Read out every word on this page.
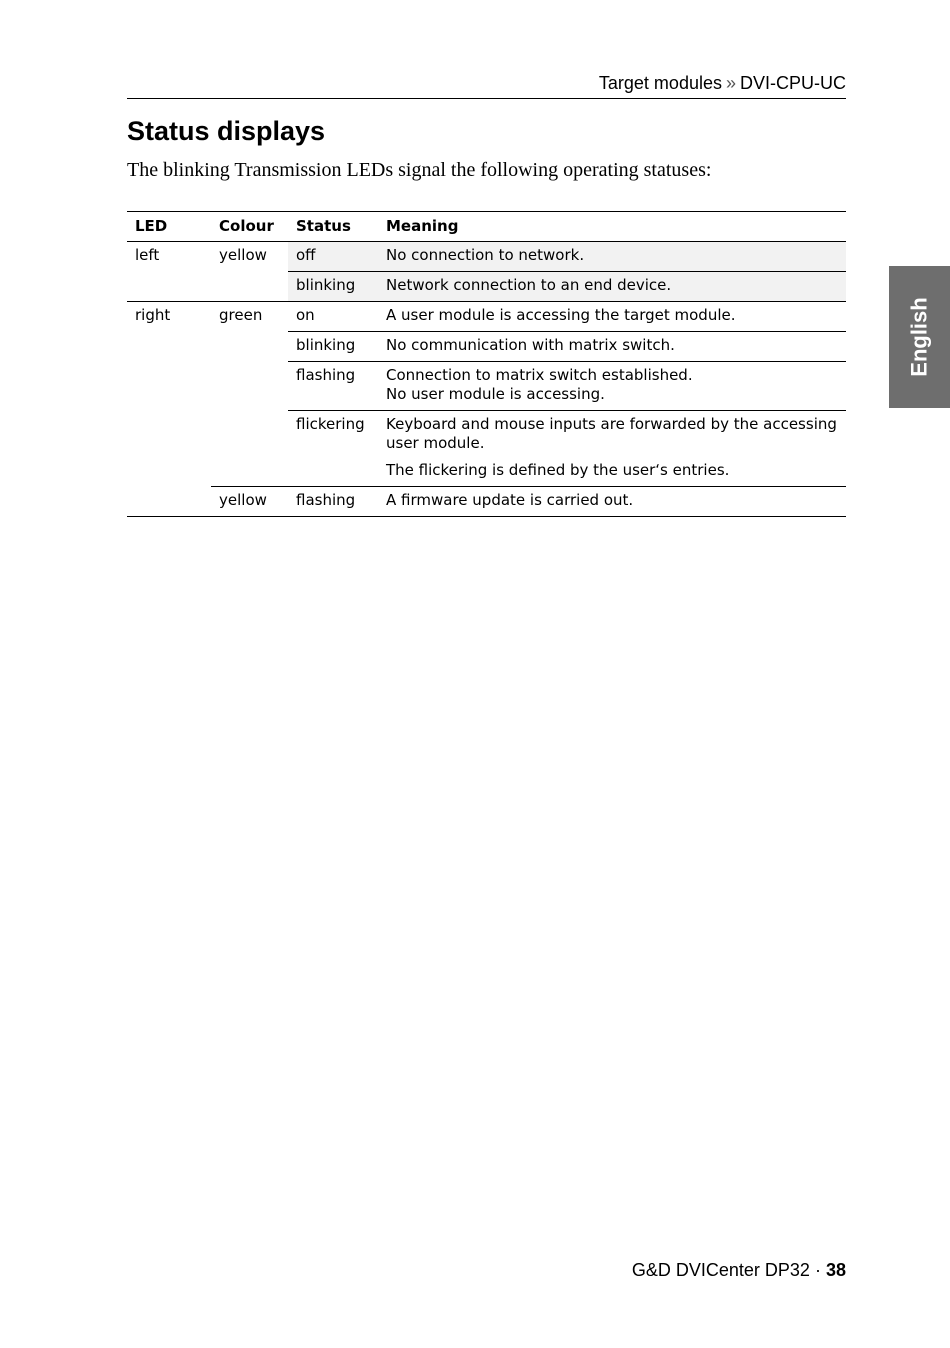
Target modules » DVI-CPU-UC
Status displays

The blinking Transmission LEDs signal the following operating statuses:

LED	Colour	Status	Meaning
left	yellow	off	No connection to network.
		blinking	Network connection to an end device.
right	green	on	A user module is accessing the target module.
		blinking	No communication with matrix switch.
		flashing	Connection to matrix switch established.
No user module is accessing.

		flickering	Keyboard and mouse inputs are forwarded by the accessing user module.
The flickering is defined by the user‘s entries.

	yellow	flashing	A firmware update is carried out.
English
G&D DVICenter DP32 · 38
